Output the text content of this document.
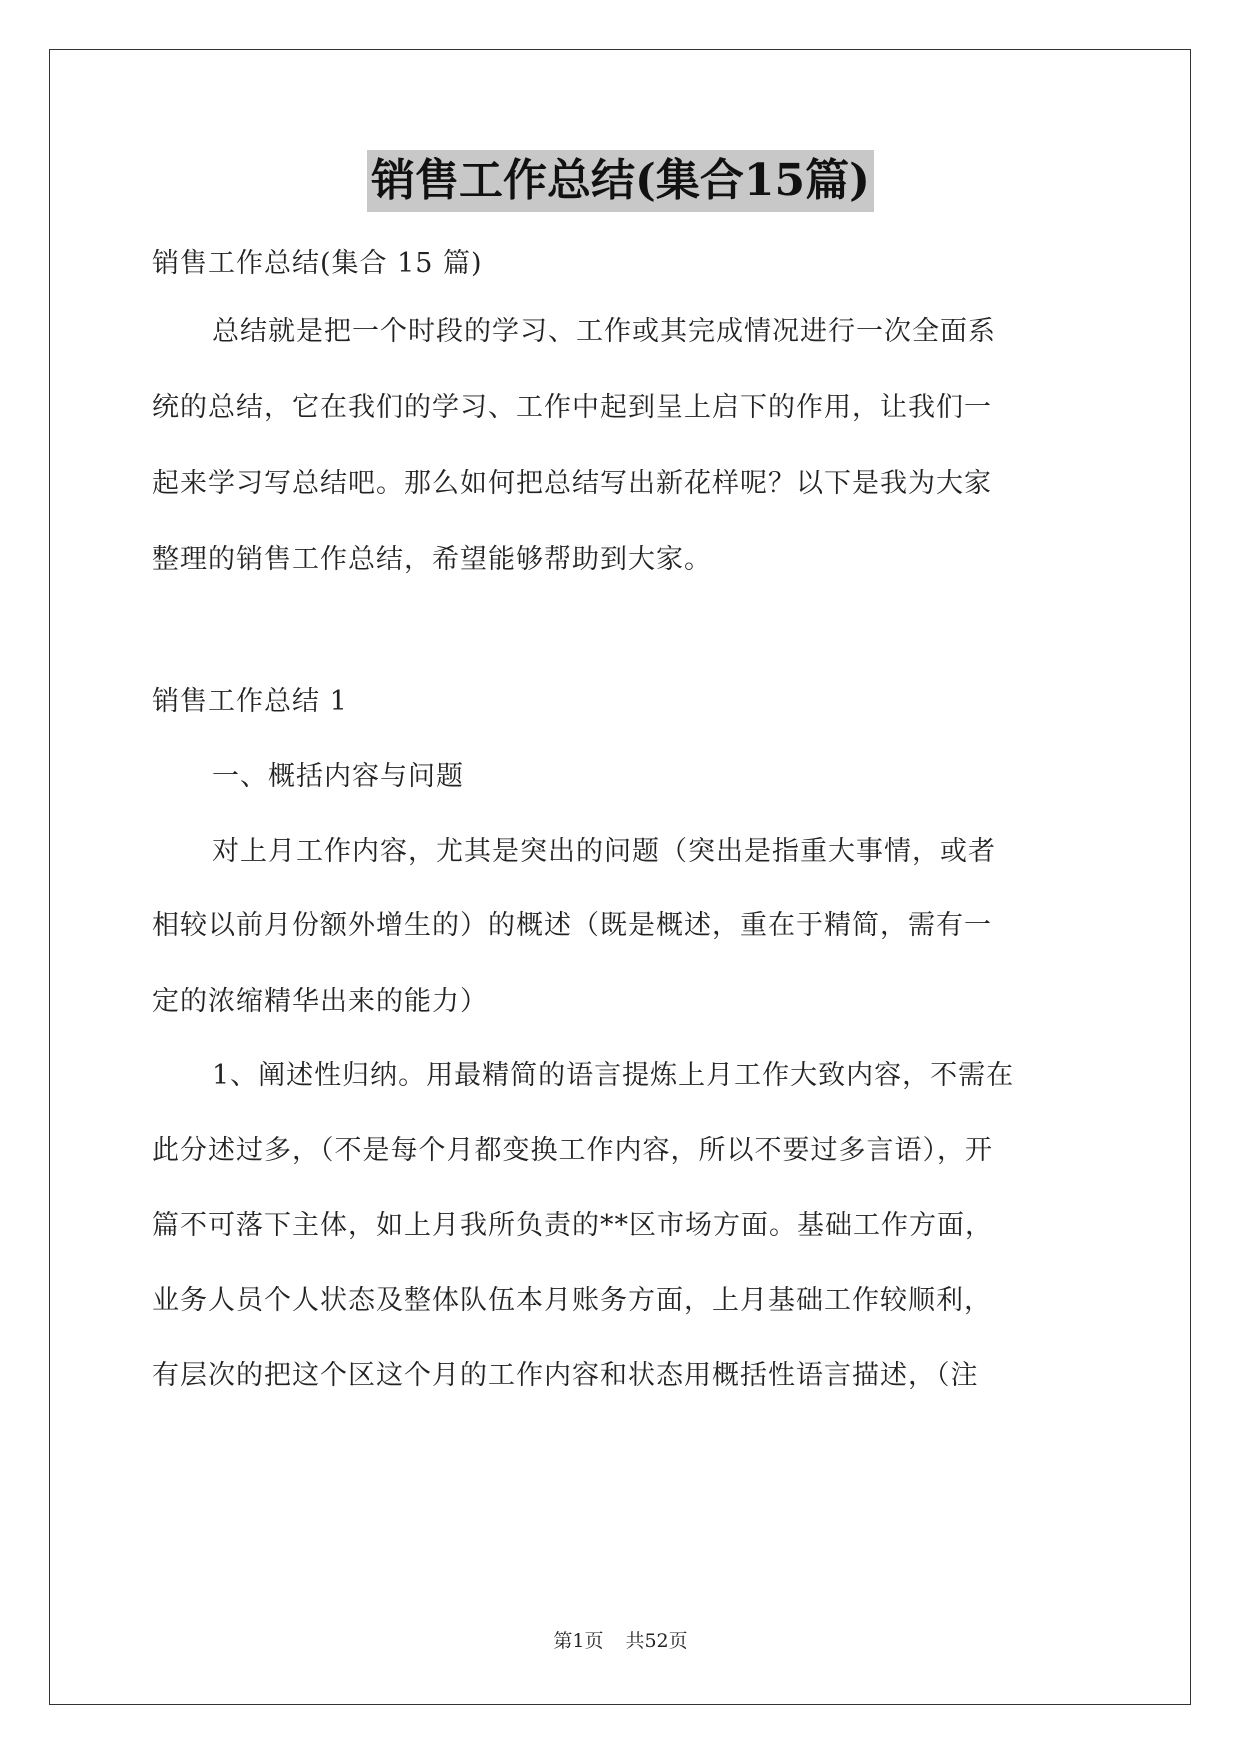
销售工作总结(集合15篇)
销售工作总结(集合 15 篇)
总结就是把一个时段的学习、工作或其完成情况进行一次全面系
统的总结，它在我们的学习、工作中起到呈上启下的作用，让我们一
起来学习写总结吧。那么如何把总结写出新花样呢？以下是我为大家
整理的销售工作总结，希望能够帮助到大家。
销售工作总结 1
一、概括内容与问题
对上月工作内容，尤其是突出的问题（突出是指重大事情，或者
相较以前月份额外增生的）的概述（既是概述，重在于精简，需有一
定的浓缩精华出来的能力）
1、阐述性归纳。用最精简的语言提炼上月工作大致内容，不需在
此分述过多，（不是每个月都变换工作内容，所以不要过多言语），开
篇不可落下主体，如上月我所负责的**区市场方面。基础工作方面，
业务人员个人状态及整体队伍本月账务方面，上月基础工作较顺利，
有层次的把这个区这个月的工作内容和状态用概括性语言描述，（注
第1页 共52页
